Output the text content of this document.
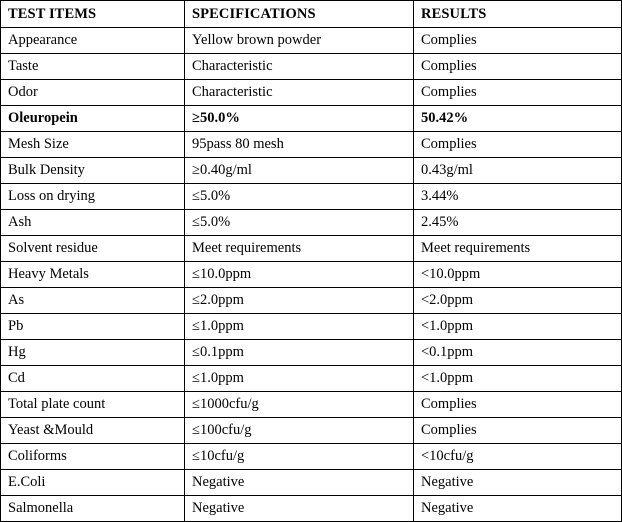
TEST ITEMS	SPECIFICATIONS	RESULTS
Appearance	Yellow brown powder	Complies
Taste	Characteristic	Complies
Odor	Characteristic	Complies
Oleuropein	≥50.0%	50.42%
Mesh Size	95pass 80 mesh	Complies
Bulk Density	≥0.40g/ml	0.43g/ml
Loss on drying	≤5.0%	3.44%
Ash	≤5.0%	2.45%
Solvent residue	Meet requirements	Meet requirements
Heavy Metals	≤10.0ppm	<10.0ppm
As	≤2.0ppm	<2.0ppm
Pb	≤1.0ppm	<1.0ppm
Hg	≤0.1ppm	<0.1ppm
Cd	≤1.0ppm	<1.0ppm
Total plate count	≤1000cfu/g	Complies
Yeast &Mould	≤100cfu/g	Complies
Coliforms	≤10cfu/g	<10cfu/g
E.Coli	Negative	Negative
Salmonella	Negative	Negative
